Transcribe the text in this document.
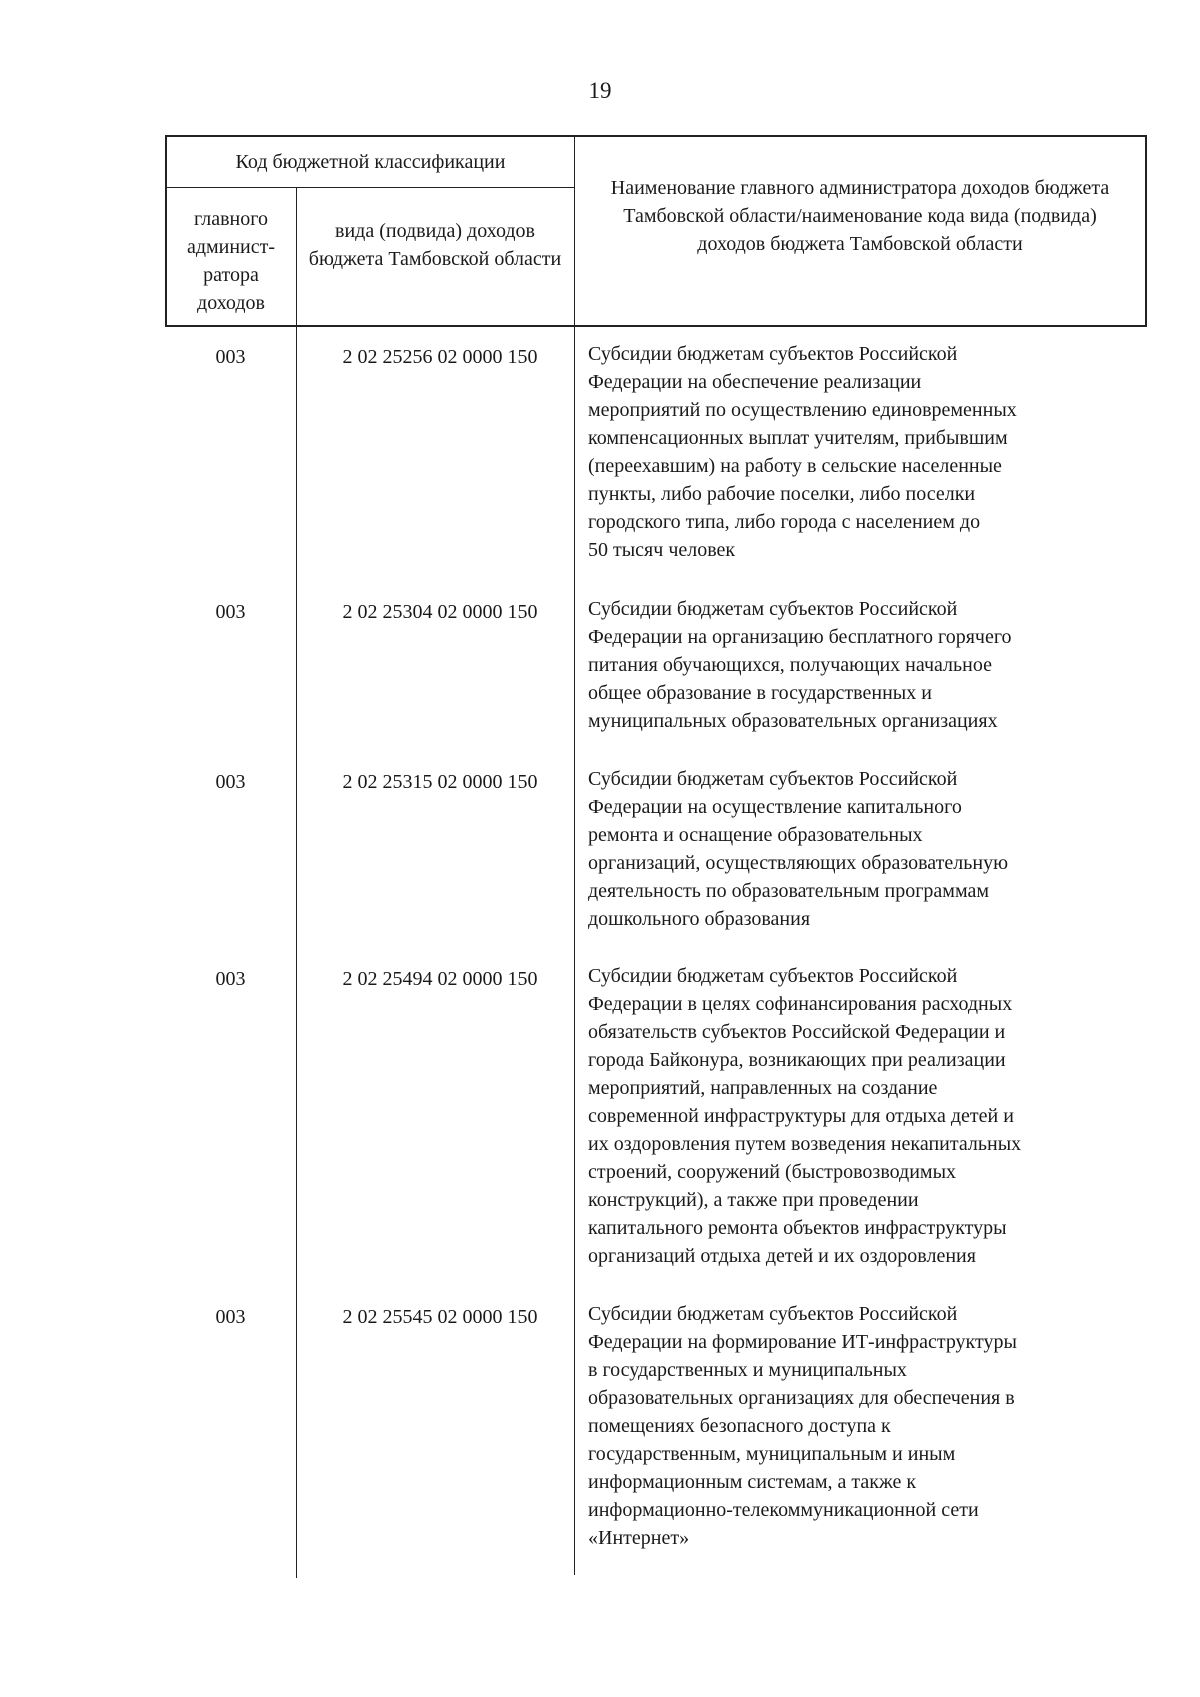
19
Код бюджетной классификации
главного админист-ратора доходов
вида (подвида) доходов бюджета Тамбовской области
Наименование главного администратора доходов бюджета Тамбовской области/наименование кода вида (подвида) доходов бюджета Тамбовской области
003	2 02 25256 02 0000 150	Субсидии бюджетам субъектов Российской
Федерации на обеспечение реализации
мероприятий по осуществлению единовременных
компенсационных выплат учителям, прибывшим
(переехавшим) на работу в сельские населенные
пункты, либо рабочие поселки, либо поселки
городского типа, либо города с населением до
50 тысяч человек
003	2 02 25304 02 0000 150	Субсидии бюджетам субъектов Российской
Федерации на организацию бесплатного горячего
питания обучающихся, получающих начальное
общее образование в государственных и
муниципальных образовательных организациях
003	2 02 25315 02 0000 150	Субсидии бюджетам субъектов Российской
Федерации на осуществление капитального
ремонта и оснащение образовательных
организаций, осуществляющих образовательную
деятельность по образовательным программам
дошкольного образования
003	2 02 25494 02 0000 150	Субсидии бюджетам субъектов Российской
Федерации в целях софинансирования расходных
обязательств субъектов Российской Федерации и
города Байконура, возникающих при реализации
мероприятий, направленных на создание
современной инфраструктуры для отдыха детей и
их оздоровления путем возведения некапитальных
строений, сооружений (быстровозводимых
конструкций), а также при проведении
капитального ремонта объектов инфраструктуры
организаций отдыха детей и их оздоровления
003	2 02 25545 02 0000 150	Субсидии бюджетам субъектов Российской
Федерации на формирование ИТ-инфраструктуры
в государственных и муниципальных
образовательных организациях для обеспечения в
помещениях безопасного доступа к
государственным, муниципальным и иным
информационным системам, а также к
информационно-телекоммуникационной сети
«Интернет»
